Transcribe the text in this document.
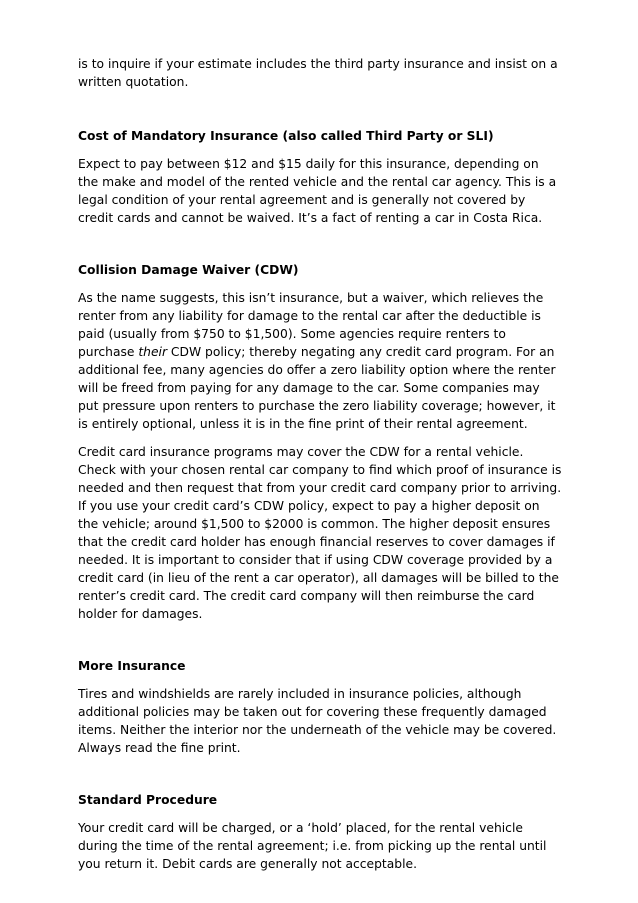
is to inquire if your estimate includes the third party insurance and insist on a written quotation.

Cost of Mandatory Insurance (also called Third Party or SLI)

Expect to pay between $12 and $15 daily for this insurance, depending on the make and model of the rented vehicle and the rental car agency. This is a legal condition of your rental agreement and is generally not covered by credit cards and cannot be waived. It’s a fact of renting a car in Costa Rica.

Collision Damage Waiver (CDW)

As the name suggests, this isn’t insurance, but a waiver, which relieves the renter from any liability for damage to the rental car after the deductible is paid (usually from $750 to $1,500). Some agencies require renters to purchase their CDW policy; thereby negating any credit card program. For an additional fee, many agencies do offer a zero liability option where the renter will be freed from paying for any damage to the car. Some companies may put pressure upon renters to purchase the zero liability coverage; however, it is entirely optional, unless it is in the fine print of their rental agreement.

Credit card insurance programs may cover the CDW for a rental vehicle. Check with your chosen rental car company to find which proof of insurance is needed and then request that from your credit card company prior to arriving. If you use your credit card’s CDW policy, expect to pay a higher deposit on the vehicle; around $1,500 to $2000 is common. The higher deposit ensures that the credit card holder has enough financial reserves to cover damages if needed. It is important to consider that if using CDW coverage provided by a credit card (in lieu of the rent a car operator), all damages will be billed to the renter’s credit card. The credit card company will then reimburse the card holder for damages.

More Insurance

Tires and windshields are rarely included in insurance policies, although additional policies may be taken out for covering these frequently damaged items. Neither the interior nor the underneath of the vehicle may be covered. Always read the fine print.

Standard Procedure

Your credit card will be charged, or a ‘hold’ placed, for the rental vehicle during the time of the rental agreement; i.e. from picking up the rental until you return it. Debit cards are generally not acceptable.
